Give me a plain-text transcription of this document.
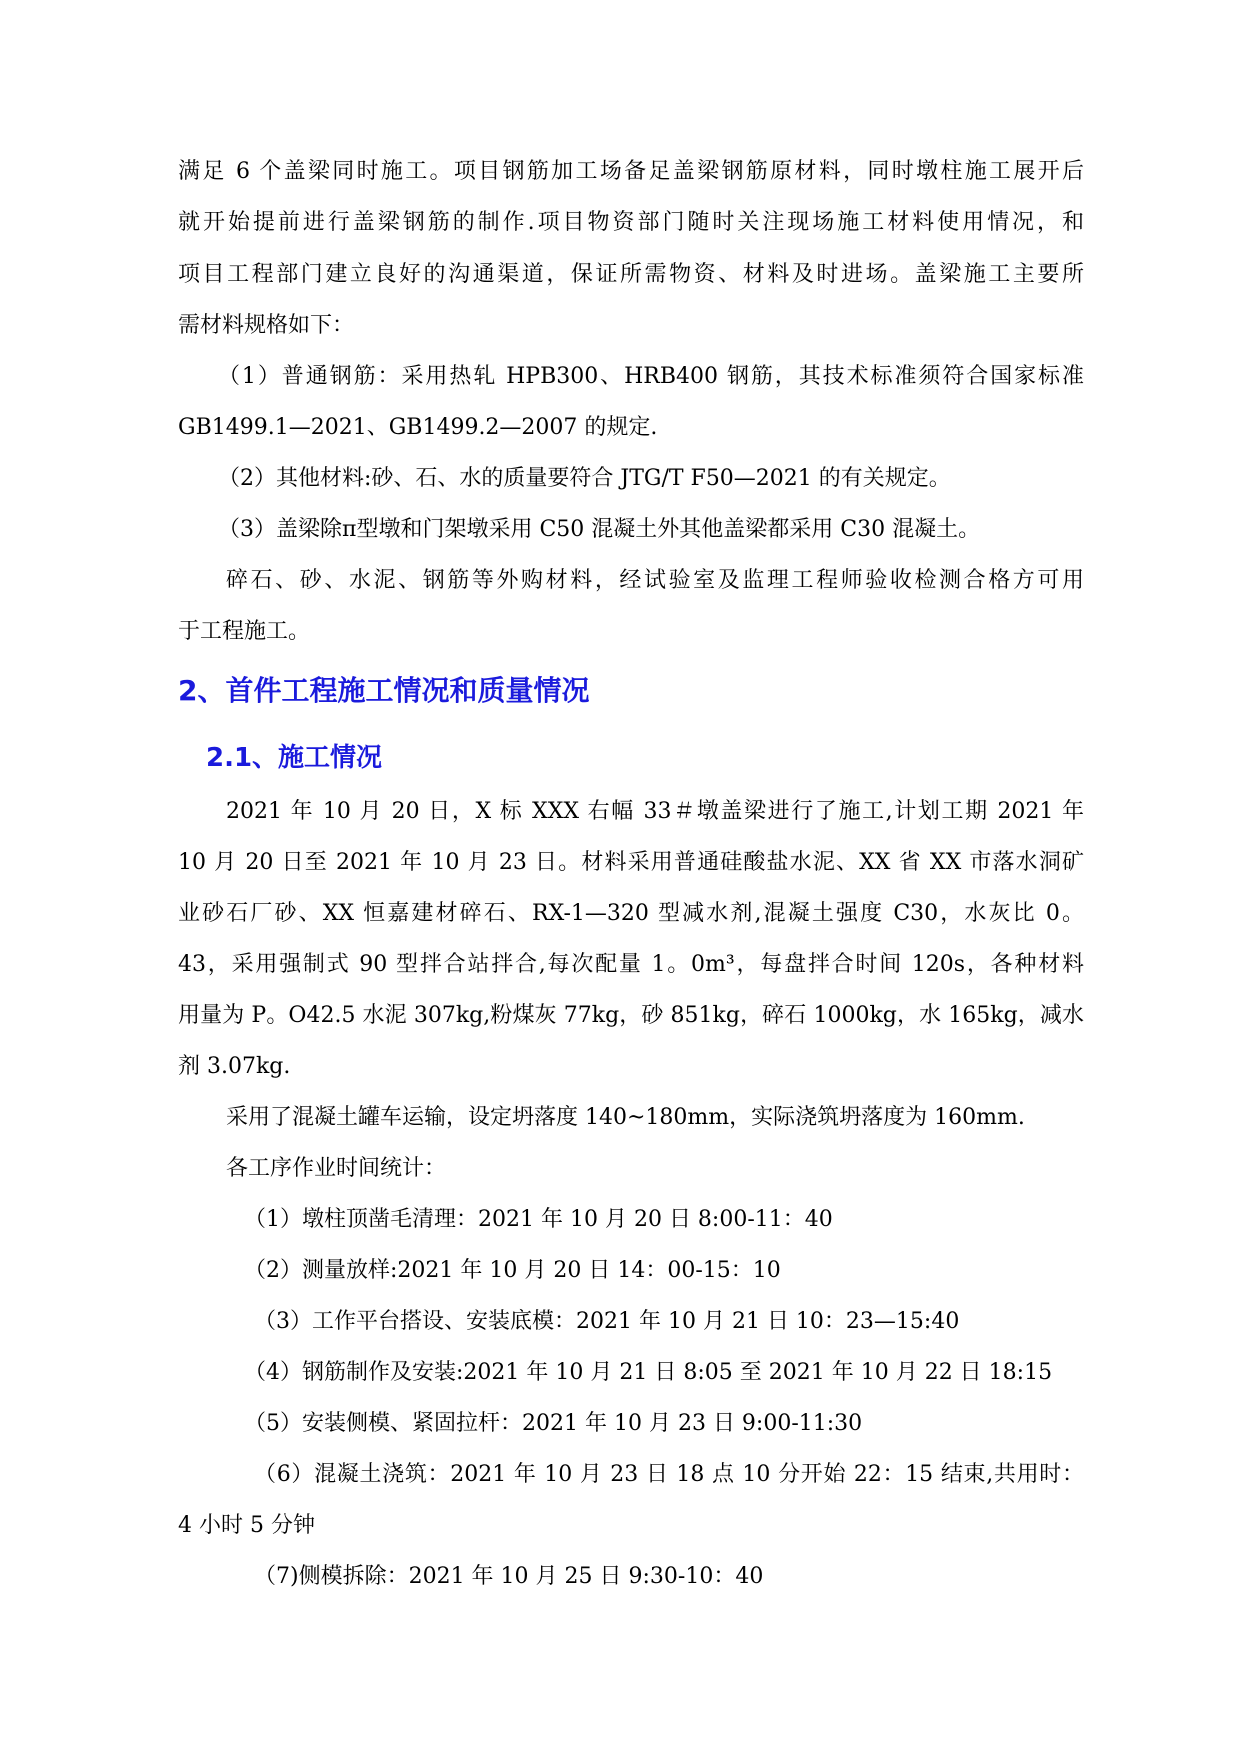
满足 6 个盖梁同时施工。项目钢筋加工场备足盖梁钢筋原材料，同时墩柱施工展开后
就开始提前进行盖梁钢筋的制作.项目物资部门随时关注现场施工材料使用情况，和
项目工程部门建立良好的沟通渠道，保证所需物资、材料及时进场。盖梁施工主要所
需材料规格如下：
（1）普通钢筋：采用热轧 HPB300、HRB400 钢筋，其技术标准须符合国家标准
GB1499.1—2021、GB1499.2—2007 的规定.
（2）其他材料:砂、石、水的质量要符合 JTG/T F50—2021 的有关规定。
（3）盖梁除π型墩和门架墩采用 C50 混凝土外其他盖梁都采用 C30 混凝土。
碎石、砂、水泥、钢筋等外购材料，经试验室及监理工程师验收检测合格方可用
于工程施工。
2、首件工程施工情况和质量情况
2.1、施工情况
2021 年 10 月 20 日，X 标 XXX 右幅 33＃墩盖梁进行了施工,计划工期 2021 年
10 月 20 日至 2021 年 10 月 23 日。材料采用普通硅酸盐水泥、XX 省 XX 市落水洞矿
业砂石厂砂、XX 恒嘉建材碎石、RX-1—320 型减水剂,混凝土强度 C30，水灰比 0。
43，采用强制式 90 型拌合站拌合,每次配量 1。0m³，每盘拌合时间 120s，各种材料
用量为 P。O42.5 水泥 307kg,粉煤灰 77kg，砂 851kg，碎石 1000kg，水 165kg，减水
剂 3.07kg.
采用了混凝土罐车运输，设定坍落度 140~180mm，实际浇筑坍落度为 160mm.
各工序作业时间统计：
（1）墩柱顶凿毛清理：2021 年 10 月 20 日 8:00-11：40
（2）测量放样:2021 年 10 月 20 日 14：00-15：10
（3）工作平台搭设、安装底模：2021 年 10 月 21 日 10：23—15:40
（4）钢筋制作及安装:2021 年 10 月 21 日 8:05 至 2021 年 10 月 22 日 18:15
（5）安装侧模、紧固拉杆：2021 年 10 月 23 日 9:00-11:30
（6）混凝土浇筑：2021 年 10 月 23 日 18 点 10 分开始 22：15 结束,共用时：
4 小时 5 分钟
（7)侧模拆除：2021 年 10 月 25 日 9:30-10：40
